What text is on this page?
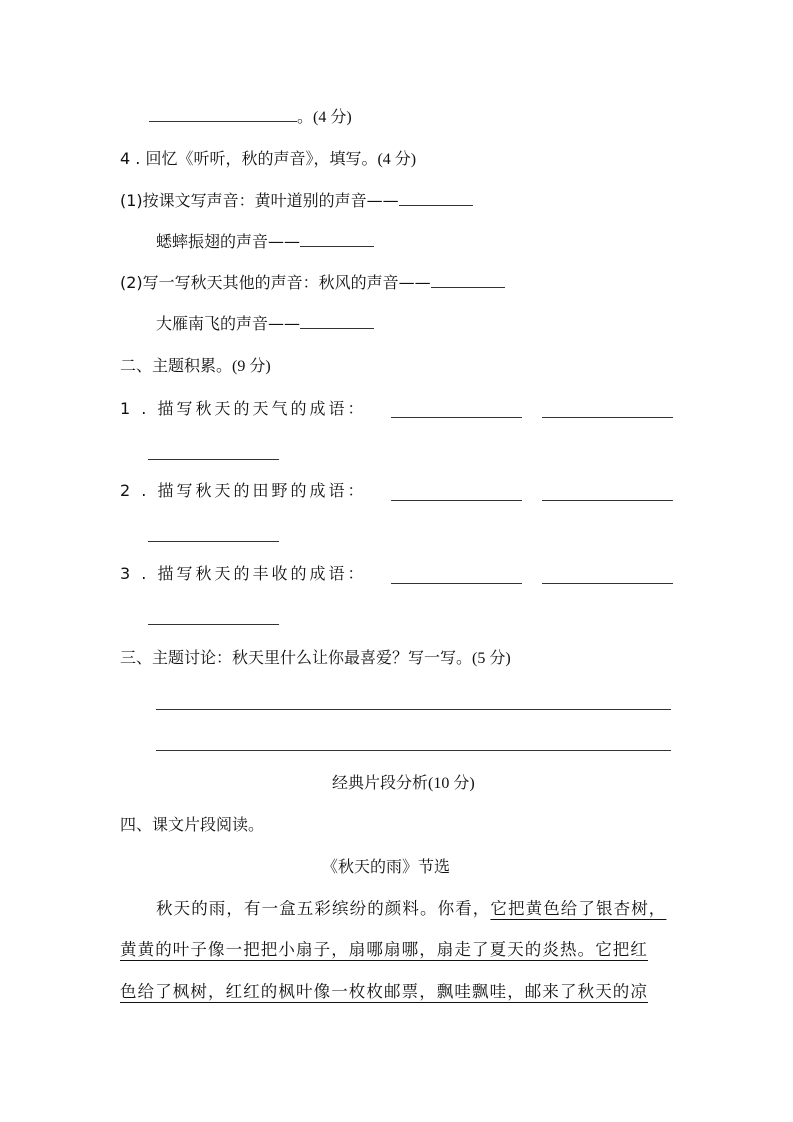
。(4 分)
4 . 回忆《听听，秋的声音》，填写。(4 分)
(1)按课文写声音：黄叶道别的声音——
蟋蟀振翅的声音——
(2)写一写秋天其他的声音：秋风的声音——
大雁南飞的声音——
二、主题积累。(9 分)
1 . 描写秋天的天气的成语：
2 . 描写秋天的田野的成语：
3 . 描写秋天的丰收的成语：
三、主题讨论：秋天里什么让你最喜爱？写一写。(5 分)
经典片段分析(10 分)
四、课文片段阅读。
《秋天的雨》节选
秋天的雨，有一盒五彩缤纷的颜料。你看，它把黄色给了银杏树，
黄黄的叶子像一把把小扇子，扇哪扇哪，扇走了夏天的炎热。它把红
色给了枫树，红红的枫叶像一枚枚邮票，飘哇飘哇，邮来了秋天的凉
